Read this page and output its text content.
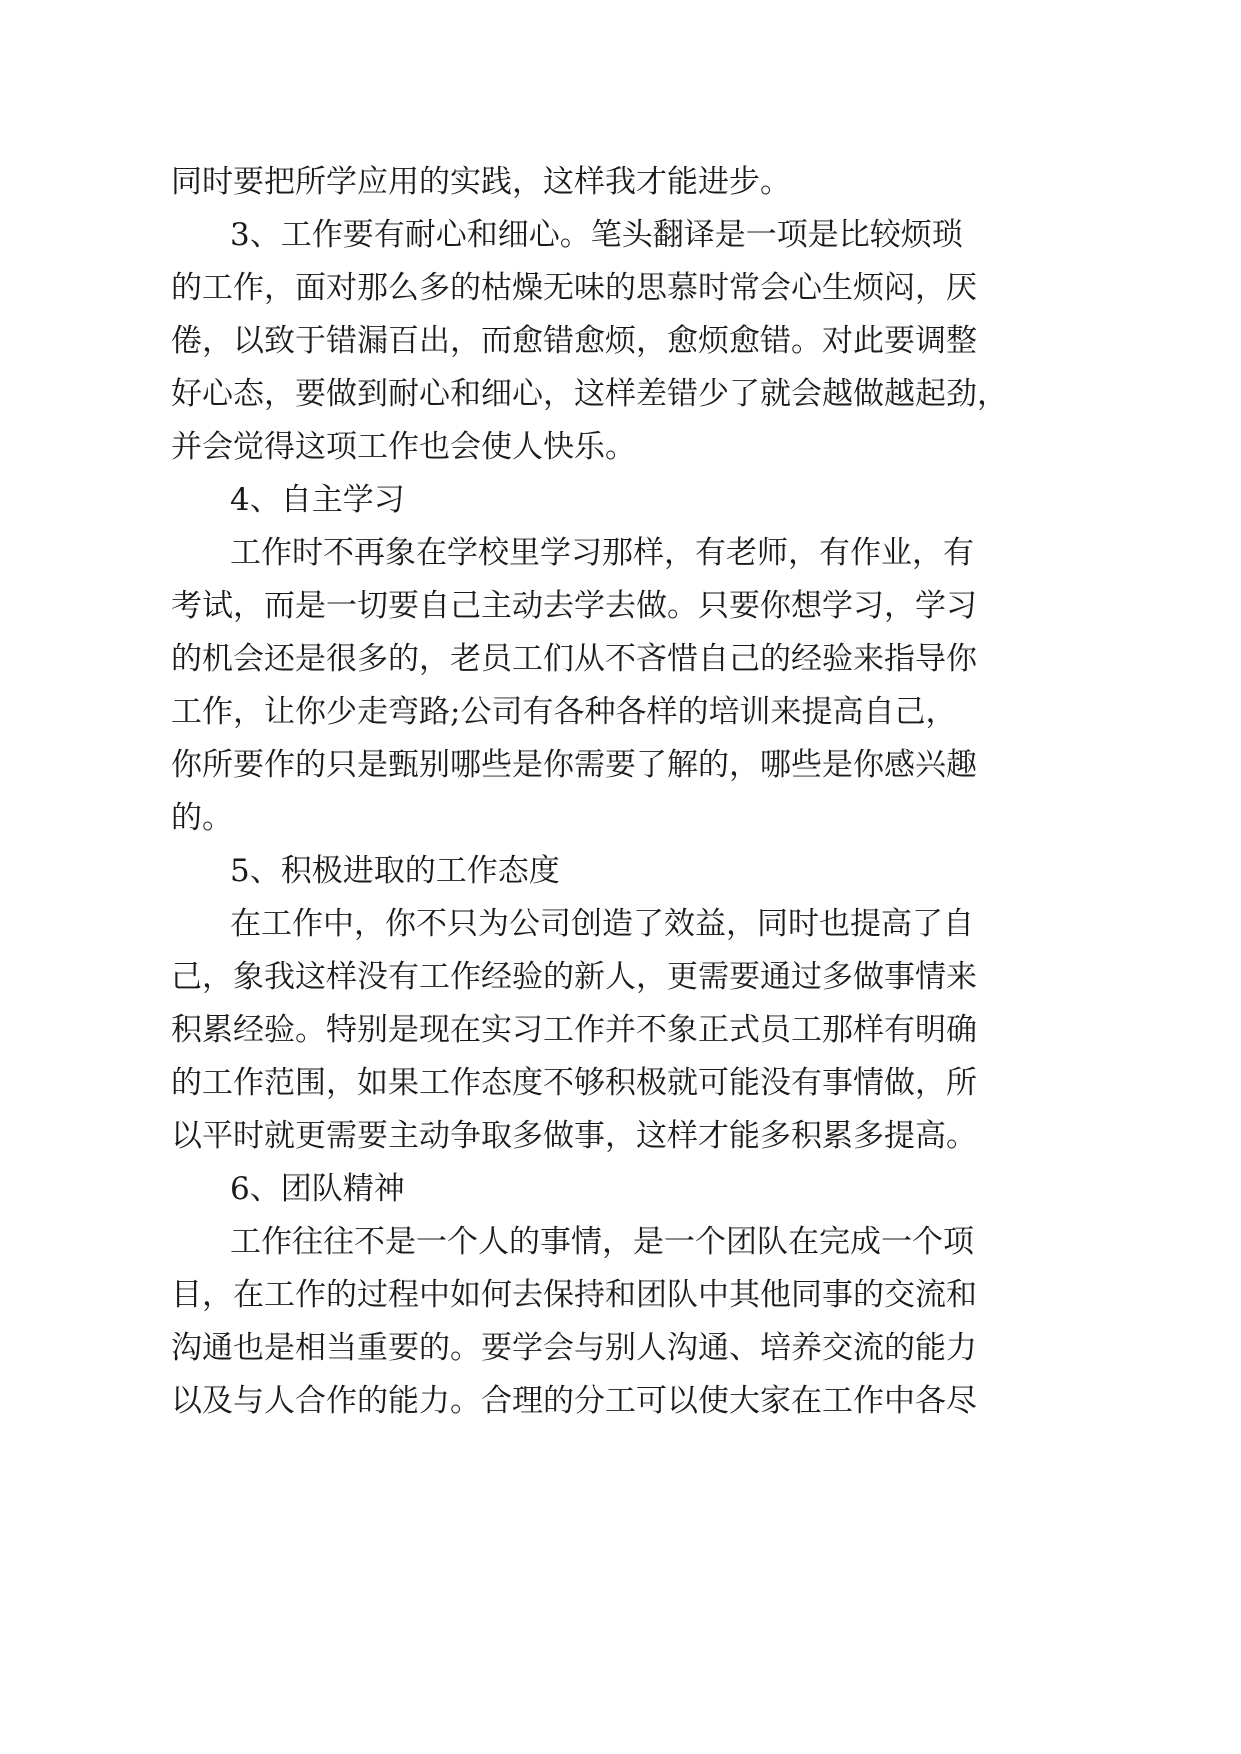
同时要把所学应用的实践，这样我才能进步。
3、工作要有耐心和细心。笔头翻译是一项是比较烦琐
的工作，面对那么多的枯燥无味的思慕时常会心生烦闷，厌
倦，以致于错漏百出，而愈错愈烦，愈烦愈错。对此要调整
好心态，要做到耐心和细心，这样差错少了就会越做越起劲，
并会觉得这项工作也会使人快乐。
4、自主学习
工作时不再象在学校里学习那样，有老师，有作业，有
考试，而是一切要自己主动去学去做。只要你想学习，学习
的机会还是很多的，老员工们从不吝惜自己的经验来指导你
工作，让你少走弯路;公司有各种各样的培训来提高自己，
你所要作的只是甄别哪些是你需要了解的，哪些是你感兴趣
的。
5、积极进取的工作态度
在工作中，你不只为公司创造了效益，同时也提高了自
己，象我这样没有工作经验的新人，更需要通过多做事情来
积累经验。特别是现在实习工作并不象正式员工那样有明确
的工作范围，如果工作态度不够积极就可能没有事情做，所
以平时就更需要主动争取多做事，这样才能多积累多提高。
6、团队精神
工作往往不是一个人的事情，是一个团队在完成一个项
目，在工作的过程中如何去保持和团队中其他同事的交流和
沟通也是相当重要的。要学会与别人沟通、培养交流的能力
以及与人合作的能力。合理的分工可以使大家在工作中各尽
